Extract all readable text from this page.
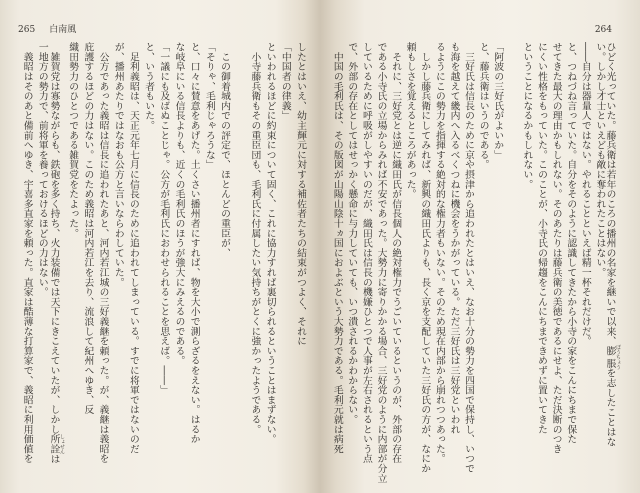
265 白南風
したとはいえ、幼主輝元に対する補佐者たちの結束がつよく、それに
「中国者の律義」
といわれるほどに約束について固く、これに協力すれば裏切られるということはまずない。
　小寺藤兵衛もその重臣団も、毛利氏に付属したい気持ちがとくに強かったようである。
　この御着城内での評定で、ほとんどの重臣が、
「そりゃ、毛利じゃろうな」
と、口々に賛意をあげた。土くさい播州者にすれば、物を大小で測らざるをえない。はるか
な岐阜にいる信長よりも、近くの毛利氏のほうが強大にみえるのである。
「一議にも及ばぬことじゃ。公方が毛利氏におわせられることを思えば。――」
と、いう者もいた。
　足利義昭は、天正元年七月に信長のために追われてしまっている。すでに将軍ではないのだ
が、播州あたりではなおも公方と言いならわしていた。
　公方であった義昭は信長に追われたあと、河内若江城の三好義継を頼った。が、義継は義昭を
庇護するほどの力はない。このため義昭は河内若江を去り、流浪して紀州へゆき、反
織田勢力のひとつである雑賀党をたよった。
　雑賀党は寡勢ながらも、鉄砲を多く持ち、火力装備では天下にきこえていたが、しかし所詮 しょせんは
一地方の勢力で、前将軍を養っておけるほどの力はない。
　義昭はそのあと備前へゆき、宇喜多直家を頼った。直家は酷薄な打算家で、義昭に利用価値を
264
ひどく光っていた。藤兵衛は若年のころの播州の名家を継いで以来、膨脹 ぼうちょうを志したことはな
い。しかし才士といえども敵に奪われたことはない。
――自分は器量人ではない。やれることといえば精一杯それだけだ。
と、つねづね言っていた。自分をそのように認識してきたから小寺の家をこんにちまで保た
せてきた最大の理由かもしれない。そのあたりは藤兵衛の美徳であるにせよ、ただ決断のつき
にくい性格をもっていた。このことが、小寺氏の帰趨をこんにちまできめずに置いてきた
ということになるかもしれない。
「阿波の三好氏がよいか」
と、藤兵衛はいうのである。
　三好氏は信長のために京や摂津から追われたとはいえ、なお十分の勢力を四国で保持し、いつで
も海を越えて畿内へ入るべくつねに機会をうかがっている。ただ三好氏は三好党といわれ
るようにこの勢力を指揮する絶対的な権力者もいない。そのため現在内部から崩れつつあった。
　しかし藤兵衛にしてみれば、新興の織田氏よりも、長く京を支配していた三好氏の方が、なにか
頼もしさを覚えるところがあった。
　それに、三好党とは逆に織田氏が信長個人の絶対権力でうごいているというのが、外部の存在
である小寺氏の立場からみれば不安であった。大勢力に寄りかかる場合、三好党のように内部が分立
しているために呼吸がしやすいのだが、織田氏は信長の機嫌ひとつで人事が左右されるという点
で、外部の存在としてはせっかく懸命に与力していても、いつ潰されるかわからない。
　中国の毛利氏は、その版図が山陽山陰十ヵ国におよぶという大勢力である。毛利元就は病死
